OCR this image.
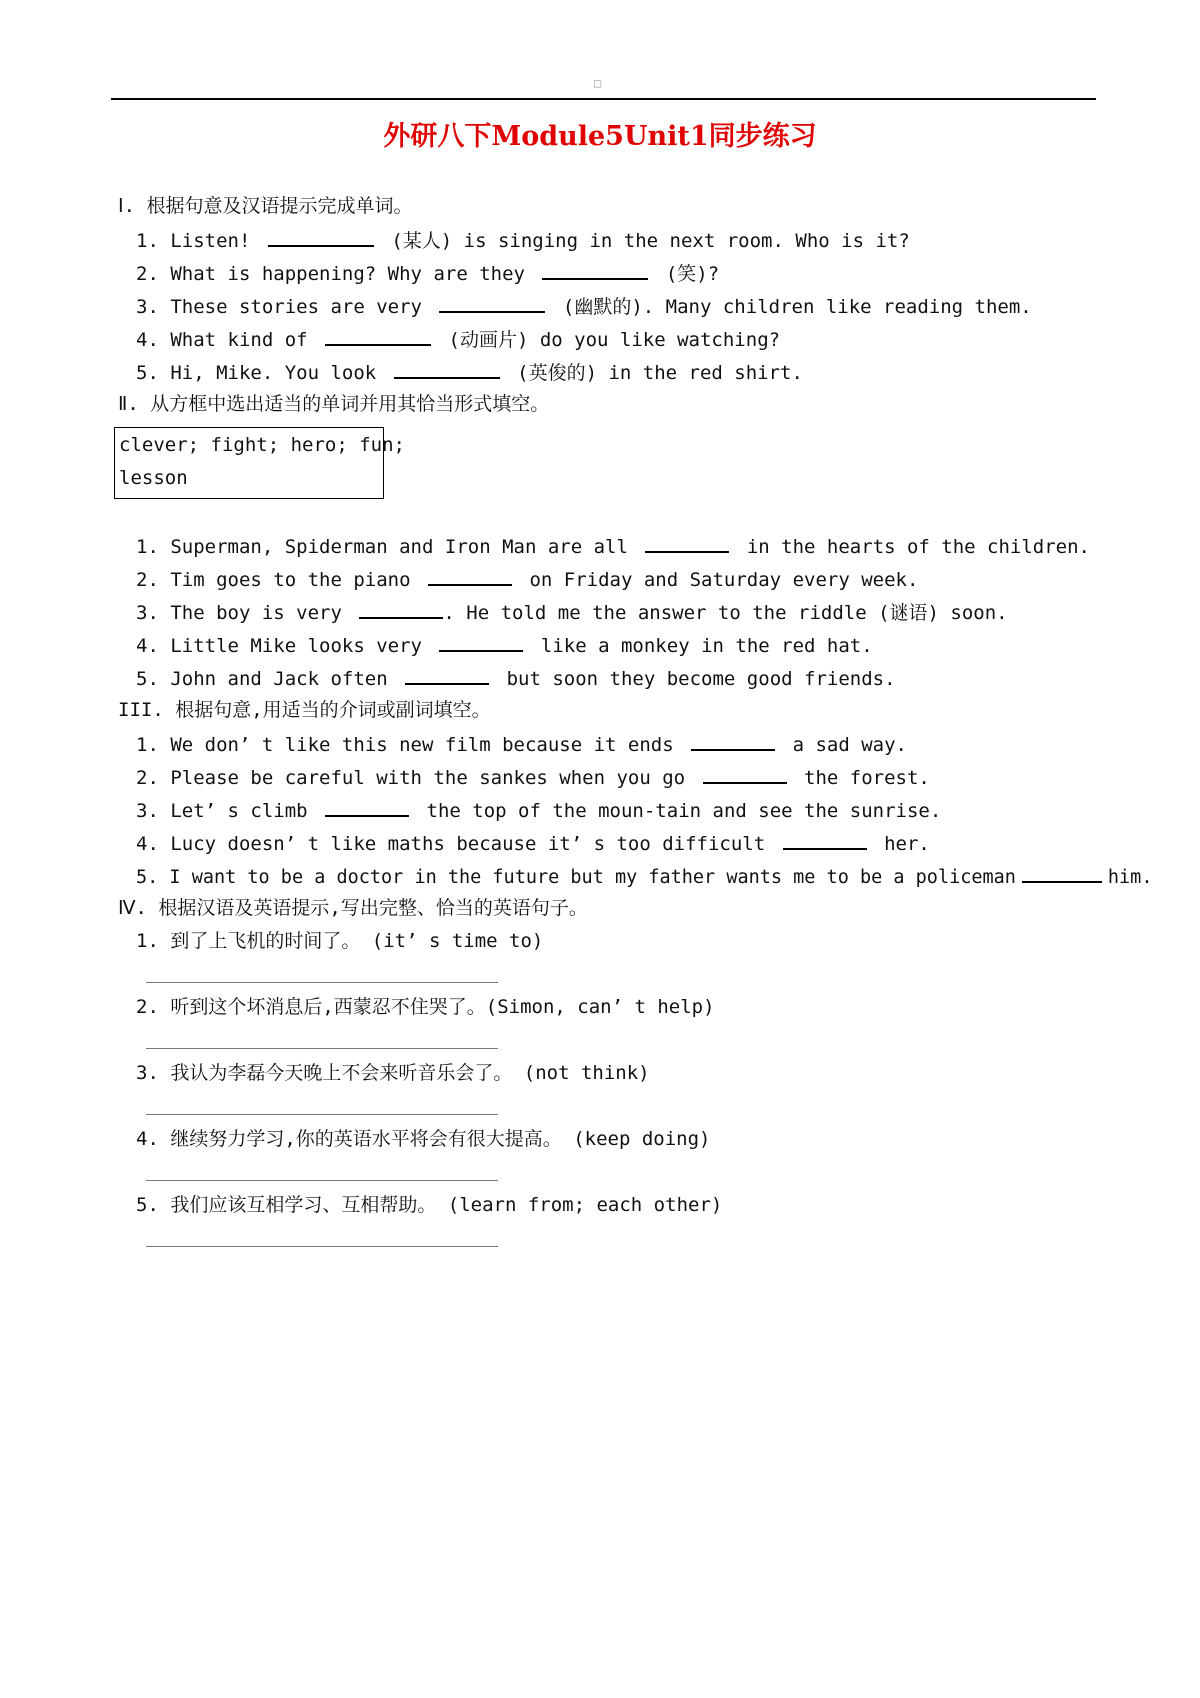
□
外研八下Module5Unit1同步练习
Ⅰ. 根据句意及汉语提示完成单词。
1. Listen!	(某人) is singing in the next room. Who is it?
2. What is happening? Why are they	(笑)?
3. These stories are very	(幽默的). Many children like reading them.
4. What kind of	(动画片) do you like watching?
5. Hi, Mike. You look	(英俊的) in the red shirt.
Ⅱ. 从方框中选出适当的单词并用其恰当形式填空。
clever; fight; hero; fun;
lesson
1. Superman, Spiderman and Iron Man are all	in the hearts of the children.
2. Tim goes to the piano	on Friday and Saturday every week.
3. The boy is very	. He told me the answer to the riddle (谜语) soon.
4. Little Mike looks very	like a monkey in the red hat.
5. John and Jack often	but soon they become good friends.
III. 根据句意,用适当的介词或副词填空。
1. We don’ t like this new film because it ends	a sad way.
2. Please be careful with the sankes when you go	the forest.
3. Let’ s climb	the top of the moun-tain and see the sunrise.
4. Lucy doesn’ t like maths because it’ s too difficult	her.
5. I want to be a doctor in the future but my father wants me to be a policeman	him.
Ⅳ. 根据汉语及英语提示,写出完整、恰当的英语句子。
1. 到了上飞机的时间了。 (it’ s time to)
2. 听到这个坏消息后,西蒙忍不住哭了。(Simon, can’ t help)
3. 我认为李磊今天晚上不会来听音乐会了。 (not think)
4. 继续努力学习,你的英语水平将会有很大提高。 (keep doing)
5. 我们应该互相学习、互相帮助。 (learn from; each other)
